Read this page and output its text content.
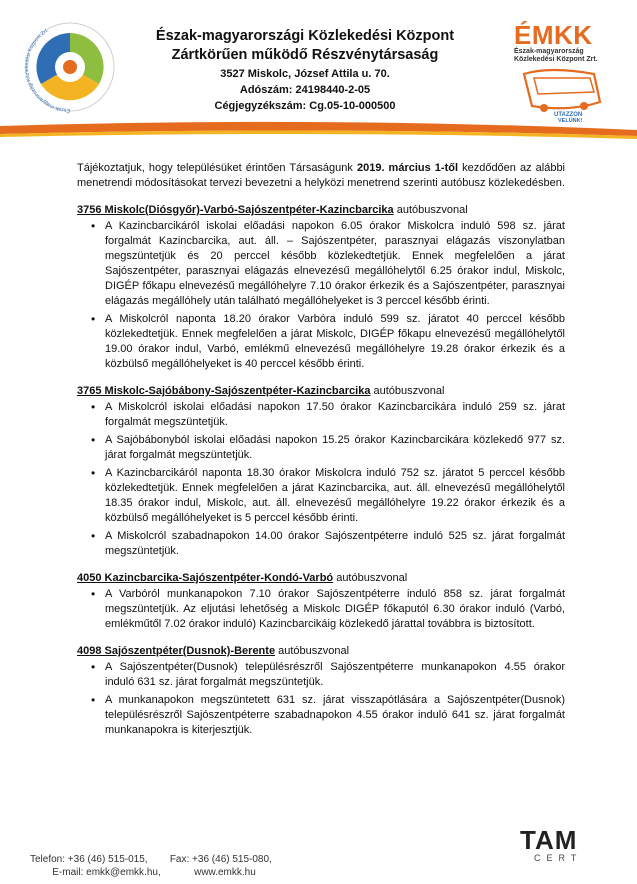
Észak-magyarországi Közlekedési Központ Zrt.	Észak-magyarországi Közlekedési Központ
Zártkörűen működő Részvénytársaság
3527 Miskolc, József Attila u. 70.
Adószám: 24198440-2-05
Cégjegyzékszám: Cg.05-10-000500
ÉMKK
Észak-magyarország
Közlekedési Központ Zrt.
UTAZZON
VELÜNK!

Tájékoztatjuk, hogy településüket érintően Társaságunk 2019. március 1-től kezdődően az alábbi menetrendi módosításokat tervezi bevezetni a helyközi menetrend szerinti autóbusz közlekedésben.

3756 Miskolc(Diósgyőr)-Varbó-Sajószentpéter-Kazincbarcika autóbuszvonal
• A Kazincbarcikáról iskolai előadási napokon 6.05 órakor Miskolcra induló 598 sz. járat forgalmát Kazincbarcika, aut. áll. – Sajószentpéter, parasznyai elágazás viszonylatban megszüntetjük és 20 perccel később közlekedtetjük. Ennek megfelelően a járat Sajószentpéter, parasznyai elágazás elnevezésű megállóhelytől 6.25 órakor indul, Miskolc, DIGÉP főkapu elnevezésű megállóhelyre 7.10 órakor érkezik és a Sajószentpéter, parasznyai elágazás megállóhely után található megállóhelyeket is 3 perccel később érinti.
• A Miskolcról naponta 18.20 órakor Varbóra induló 599 sz. járatot 40 perccel később közlekedtetjük. Ennek megfelelően a járat Miskolc, DIGÉP főkapu elnevezésű megállóhelytől 19.00 órakor indul, Varbó, emlékmű elnevezésű megállóhelyre 19.28 órakor érkezik és a közbülső megállóhelyeket is 40 perccel később érinti.
3765 Miskolc-Sajóbábony-Sajószentpéter-Kazincbarcika autóbuszvonal
• A Miskolcról iskolai előadási napokon 17.50 órakor Kazincbarcikára induló 259 sz. járat forgalmát megszüntetjük.
• A Sajóbábonyból iskolai előadási napokon 15.25 órakor Kazincbarcikára közlekedő 977 sz. járat forgalmát megszüntetjük.
• A Kazincbarcikáról naponta 18.30 órakor Miskolcra induló 752 sz. járatot 5 perccel később közlekedtetjük. Ennek megfelelően a járat Kazincbarcika, aut. áll. elnevezésű megállóhelytől 18.35 órakor indul, Miskolc, aut. áll. elnevezésű megállóhelyre 19.22 órakor érkezik és a közbülső megállóhelyeket is 5 perccel később érinti.
• A Miskolcról szabadnapokon 14.00 órakor Sajószentpéterre induló 525 sz. járat forgalmát megszüntetjük.
4050 Kazincbarcika-Sajószentpéter-Kondó-Varbó autóbuszvonal
• A Varbóról munkanapokon 7.10 órakor Sajószentpéterre induló 858 sz. járat forgalmát megszüntetjük. Az eljutási lehetőség a Miskolc DIGÉP főkaputól 6.30 órakor induló (Varbó, emlékműtől 7.02 órakor induló) Kazincbarcikáig közlekedő járattal továbbra is biztosított.
4098 Sajószentpéter(Dusnok)-Berente autóbuszvonal
• A Sajószentpéter(Dusnok) településrészről Sajószentpéterre munkanapokon 4.55 órakor induló 631 sz. járat forgalmát megszüntetjük.
• A munkanapokon megszüntetett 631 sz. járat visszapótlására a Sajószentpéter(Dusnok) településrészről Sajószentpéterre szabadnapokon 4.55 órakor induló 641 sz. járat forgalmát munkanapokra is kiterjesztjük.
Telefon: +36 (46) 515-015, Fax: +36 (46) 515-080,
E-mail: emkk@emkk.hu,	www.emkk.hu
TAM
CERT
